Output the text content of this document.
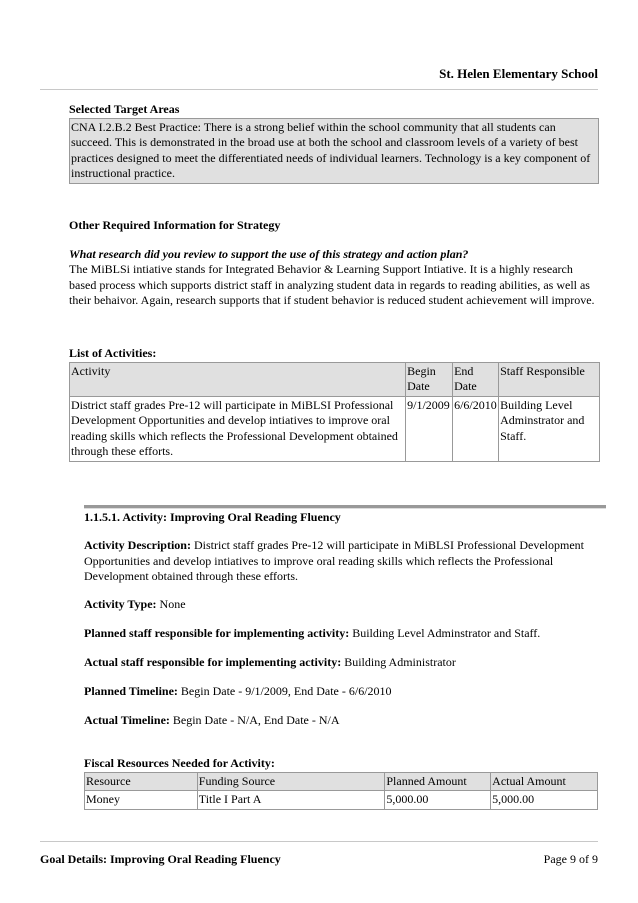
St. Helen Elementary School
Selected Target Areas
CNA I.2.B.2 Best Practice: There is a strong belief within the school community that all students can succeed. This is demonstrated in the broad use at both the school and classroom levels of a variety of best practices designed to meet the differentiated needs of individual learners. Technology is a key component of instructional practice.
Other Required Information for Strategy
What research did you review to support the use of this strategy and action plan?
The MiBLSi intiative stands for Integrated Behavior & Learning Support Intiative. It is a highly research based process which supports district staff in analyzing student data in regards to reading abilities, as well as their behaivor. Again, research supports that if student behavior is reduced student achievement will improve.
List of Activities:
Activity	Begin Date	End Date	Staff Responsible
District staff grades Pre-12 will participate in MiBLSI Professional Development Opportunities and develop intiatives to improve oral reading skills which reflects the Professional Development obtained through these efforts.	9/1/2009	6/6/2010	Building Level Adminstrator and Staff.
1.1.5.1. Activity: Improving Oral Reading Fluency
Activity Description: District staff grades Pre-12 will participate in MiBLSI Professional Development Opportunities and develop intiatives to improve oral reading skills which reflects the Professional Development obtained through these efforts.
Activity Type: None
Planned staff responsible for implementing activity: Building Level Adminstrator and Staff.
Actual staff responsible for implementing activity: Building Administrator
Planned Timeline: Begin Date - 9/1/2009, End Date - 6/6/2010
Actual Timeline: Begin Date - N/A, End Date - N/A
Fiscal Resources Needed for Activity:
Resource	Funding Source	Planned Amount	Actual Amount
Money	Title I Part A	5,000.00	5,000.00
Goal Details: Improving Oral Reading Fluency	Page 9 of 9
